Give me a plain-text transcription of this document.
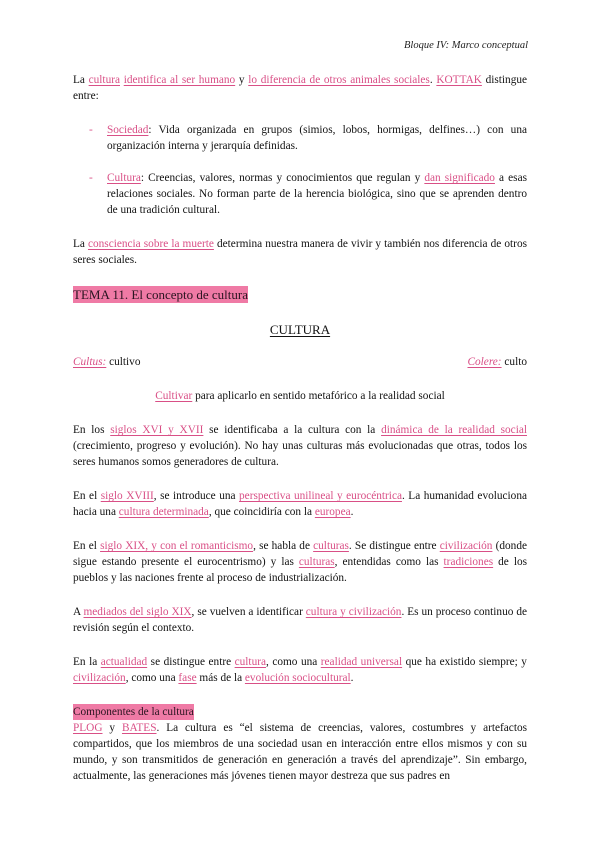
Bloque IV: Marco conceptual

La cultura identifica al ser humano y lo diferencia de otros animales sociales. KOTTAK distingue entre:

- Sociedad: Vida organizada en grupos (simios, lobos, hormigas, delfines…) con una organización interna y jerarquía definidas.
- Cultura: Creencias, valores, normas y conocimientos que regulan y dan significado a esas relaciones sociales. No forman parte de la herencia biológica, sino que se aprenden dentro de una tradición cultural.

La consciencia sobre la muerte determina nuestra manera de vivir y también nos diferencia de otros seres sociales.

TEMA 11. El concepto de cultura

CULTURA

Cultus: cultivo	Colere: culto

Cultivar para aplicarlo en sentido metafórico a la realidad social

En los siglos XVI y XVII se identificaba a la cultura con la dinámica de la realidad social (crecimiento, progreso y evolución). No hay unas culturas más evolucionadas que otras, todos los seres humanos somos generadores de cultura.

En el siglo XVIII, se introduce una perspectiva unilineal y eurocéntrica. La humanidad evoluciona hacia una cultura determinada, que coincidiría con la europea.

En el siglo XIX, y con el romanticismo, se habla de culturas. Se distingue entre civilización (donde sigue estando presente el eurocentrismo) y las culturas, entendidas como las tradiciones de los pueblos y las naciones frente al proceso de industrialización.

A mediados del siglo XIX, se vuelven a identificar cultura y civilización. Es un proceso continuo de revisión según el contexto.

En la actualidad se distingue entre cultura, como una realidad universal que ha existido siempre; y civilización, como una fase más de la evolución sociocultural.

Componentes de la cultura

PLOG y BATES. La cultura es “el sistema de creencias, valores, costumbres y artefactos compartidos, que los miembros de una sociedad usan en interacción entre ellos mismos y con su mundo, y son transmitidos de generación en generación a través del aprendizaje”. Sin embargo, actualmente, las generaciones más jóvenes tienen mayor destreza que sus padres en
